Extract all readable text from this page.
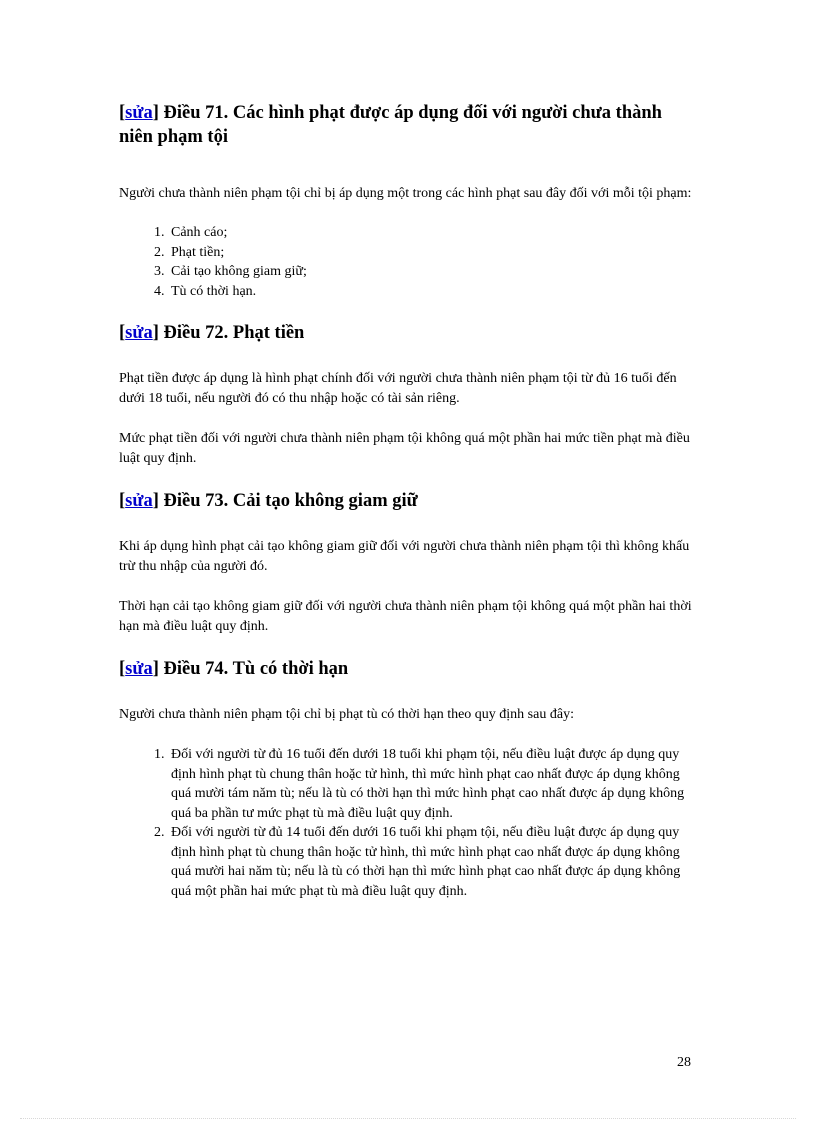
[sửa] Điều 71. Các hình phạt được áp dụng đối với người chưa thành niên phạm tội

Người chưa thành niên phạm tội chỉ bị áp dụng một trong các hình phạt sau đây đối với mỗi tội phạm:

1. Cảnh cáo;
2. Phạt tiền;
3. Cải tạo không giam giữ;
4. Tù có thời hạn.
[sửa] Điều 72. Phạt tiền

Phạt tiền được áp dụng là hình phạt chính đối với người chưa thành niên phạm tội từ đủ 16 tuổi đến dưới 18 tuổi, nếu người đó có thu nhập hoặc có tài sản riêng.

Mức phạt tiền đối với người chưa thành niên phạm tội không quá một phần hai mức tiền phạt mà điều luật quy định.

[sửa] Điều 73. Cải tạo không giam giữ

Khi áp dụng hình phạt cải tạo không giam giữ đối với người chưa thành niên phạm tội thì không khấu trừ thu nhập của người đó.

Thời hạn cải tạo không giam giữ đối với người chưa thành niên phạm tội không quá một phần hai thời hạn mà điều luật quy định.

[sửa] Điều 74. Tù có thời hạn

Người chưa thành niên phạm tội chỉ bị phạt tù có thời hạn theo quy định sau đây:

1. Đối với người từ đủ 16 tuổi đến dưới 18 tuổi khi phạm tội, nếu điều luật được áp dụng quy định hình phạt tù chung thân hoặc tử hình, thì mức hình phạt cao nhất được áp dụng không quá mười tám năm tù; nếu là tù có thời hạn thì mức hình phạt cao nhất được áp dụng không quá ba phần tư mức phạt tù mà điều luật quy định.
2. Đối với người từ đủ 14 tuổi đến dưới 16 tuổi khi phạm tội, nếu điều luật được áp dụng quy định hình phạt tù chung thân hoặc tử hình, thì mức hình phạt cao nhất được áp dụng không quá mười hai năm tù; nếu là tù có thời hạn thì mức hình phạt cao nhất được áp dụng không quá một phần hai mức phạt tù mà điều luật quy định.
28
